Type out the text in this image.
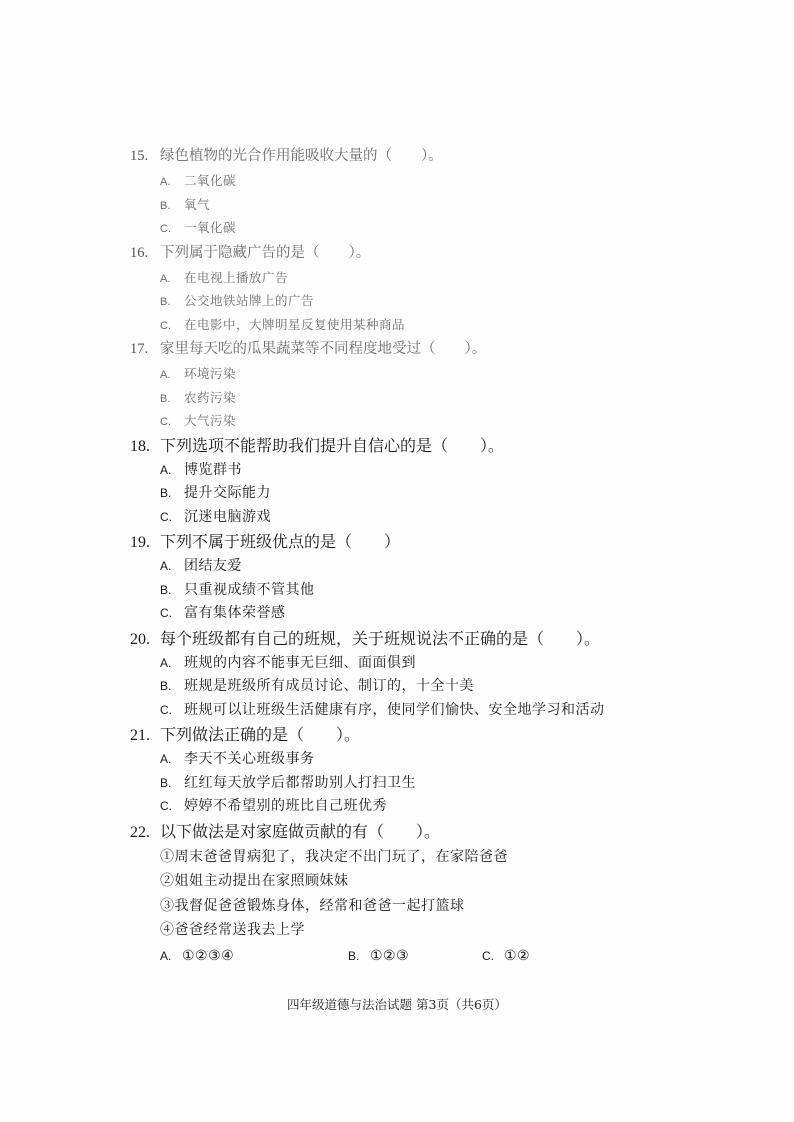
15. 绿色植物的光合作用能吸收大量的（　　）。
A.	二氧化碳
B.	氧气
C.	一氧化碳
16. 下列属于隐藏广告的是（　　）。
A.	在电视上播放广告
B.	公交地铁站牌上的广告
C.	在电影中，大牌明星反复使用某种商品
17. 家里每天吃的瓜果蔬菜等不同程度地受过（　　）。
A.	环境污染
B.	农药污染
C.	大气污染
18. 下列选项不能帮助我们提升自信心的是（　　）。
A. 博览群书
B. 提升交际能力
C. 沉迷电脑游戏
19. 下列不属于班级优点的是（　　）
A. 团结友爱
B. 只重视成绩不管其他
C. 富有集体荣誉感
20. 每个班级都有自己的班规，关于班规说法不正确的是（　　）。
A. 班规的内容不能事无巨细、面面俱到
B. 班规是班级所有成员讨论、制订的，十全十美
C. 班规可以让班级生活健康有序，使同学们愉快、安全地学习和活动
21. 下列做法正确的是（　　）。
A. 李天不关心班级事务
B. 红红每天放学后都帮助别人打扫卫生
C. 婷婷不希望别的班比自己班优秀
22. 以下做法是对家庭做贡献的有（　　）。
①周末爸爸胃病犯了，我决定不出门玩了，在家陪爸爸
②姐姐主动提出在家照顾妹妹
③我督促爸爸锻炼身体，经常和爸爸一起打篮球
④爸爸经常送我去上学
A. ①②③④	B. ①②③	C. ①②
四年级道德与法治试题 第3页（共6页）
